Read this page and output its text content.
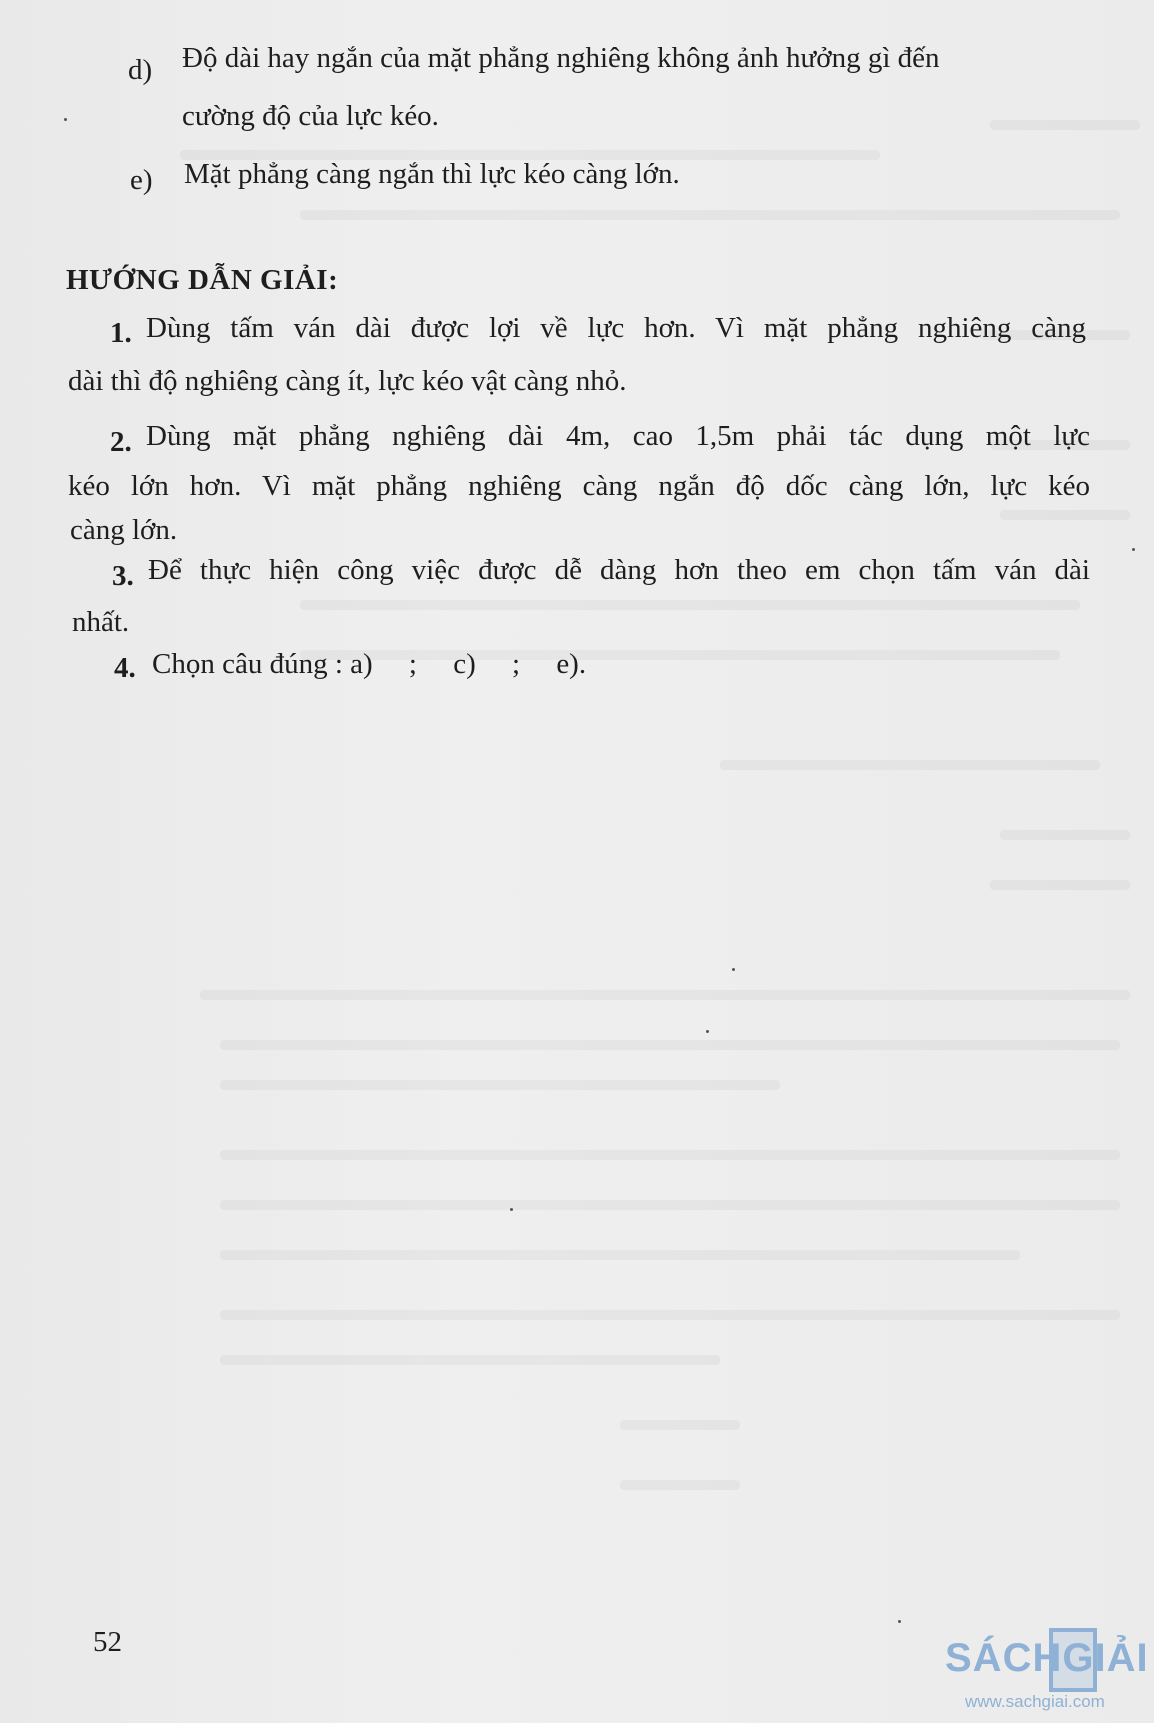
d) Độ dài hay ngắn của mặt phẳng nghiêng không ảnh hưởng gì đến
cường độ của lực kéo.
e) Mặt phẳng càng ngắn thì lực kéo càng lớn.
HƯỚNG DẪN GIẢI:
1. Dùng tấm ván dài được lợi về lực hơn. Vì mặt phẳng nghiêng càng
dài thì độ nghiêng càng ít, lực kéo vật càng nhỏ.
2. Dùng mặt phẳng nghiêng dài 4m, cao 1,5m phải tác dụng một lực
kéo lớn hơn. Vì mặt phẳng nghiêng càng ngắn độ dốc càng lớn, lực kéo
càng lớn.
3. Để thực hiện công việc được dễ dàng hơn theo em chọn tấm ván dài
nhất.
4. Chọn câu đúng : a)     ;     c)     ;     e).
52	SÁCHGIẢI
www.sachgiai.com
